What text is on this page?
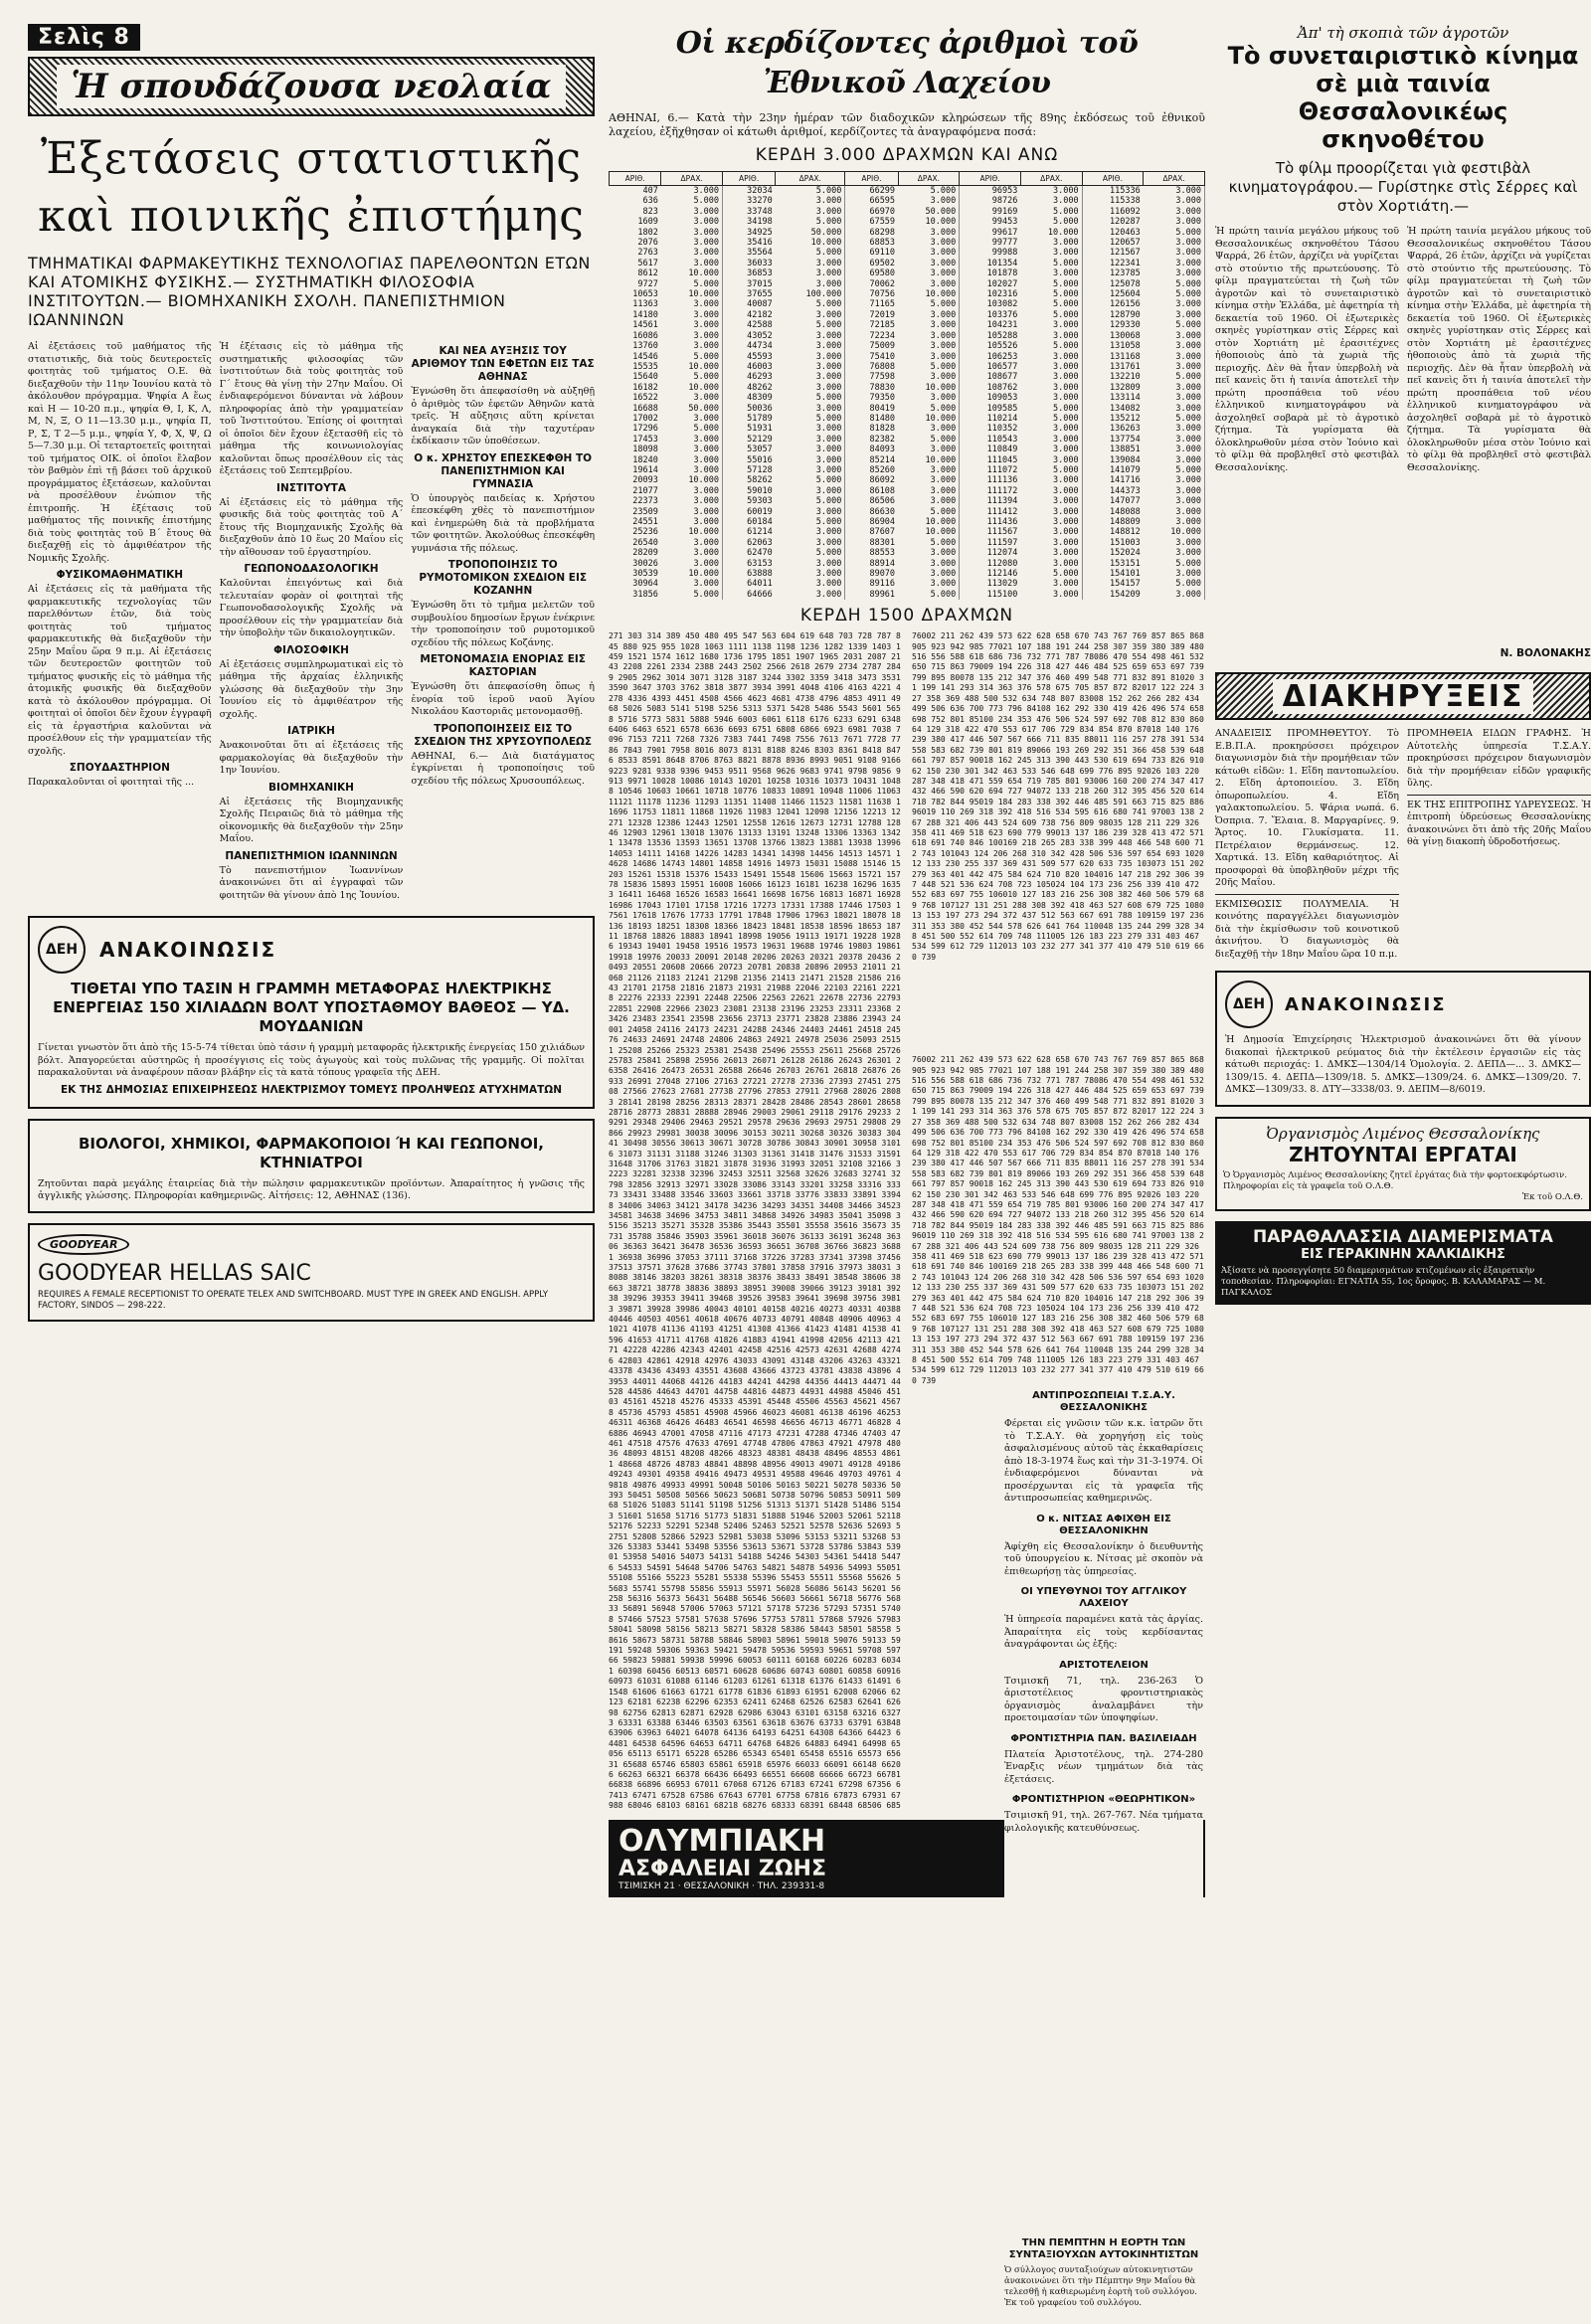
Σελὶς 8
Ἡ σπουδάζουσα νεολαία
Ἐξετάσεις στατιστικῆς
καὶ ποινικῆς ἐπιστήμης
ΤΜΗΜΑΤΙΚΑΙ ΦΑΡΜΑΚΕΥΤΙΚΗΣ ΤΕΧΝΟΛΟΓΙΑΣ ΠΑΡΕΛΘΟΝΤΩΝ ΕΤΩΝ ΚΑΙ ΑΤΟΜΙΚΗΣ ΦΥΣΙΚΗΣ.— ΣΥΣΤΗΜΑΤΙΚΗ ΦΙΛΟΣΟΦΙΑ ΙΝΣΤΙΤΟΥΤΩΝ.— ΒΙΟΜΗΧΑΝΙΚΗ ΣΧΟΛΗ. ΠΑΝΕΠΙΣΤΗΜΙΟΝ ΙΩΑΝΝΙΝΩΝ

Αἱ ἐξετάσεις τοῦ μαθήματος τῆς στατιστικῆς, διὰ τοὺς δευτεροετεῖς φοιτητὰς τοῦ τμήματος Ο.Ε. θὰ διεξαχθοῦν τὴν 11ην Ἰουνίου κατὰ τὸ ἀκόλουθον πρόγραμμα. Ψηφία Α ἕως καὶ Η — 10-20 π.μ., ψηφία Θ, Ι, Κ, Λ, Μ, Ν, Ξ, Ο 11—13.30 μ.μ., ψηφία Π, Ρ, Σ, Τ 2—5 μ.μ., ψηφία Υ, Φ, Χ, Ψ, Ω 5—7.30 μ.μ. Οἱ τεταρτοετεῖς φοιτηταὶ τοῦ τμήματος ΟΙΚ. οἱ ὁποῖοι ἔλαβον τὸν βαθμὸν ἐπὶ τῇ βάσει τοῦ ἀρχικοῦ προγράμματος ἐξετάσεων, καλοῦνται νὰ προσέλθουν ἐνώπιον τῆς ἐπιτροπῆς. Ἡ ἐξέτασις τοῦ μαθήματος τῆς ποινικῆς ἐπιστήμης διὰ τοὺς φοιτητὰς τοῦ Β΄ ἔτους θὰ διεξαχθῇ εἰς τὸ ἀμφιθέατρον τῆς Νομικῆς Σχολῆς.

ΦΥΣΙΚΟΜΑΘΗΜΑΤΙΚΗ

Αἱ ἐξετάσεις εἰς τὰ μαθήματα τῆς φαρμακευτικῆς τεχνολογίας τῶν παρελθόντων ἐτῶν, διὰ τοὺς φοιτητὰς τοῦ τμήματος φαρμακευτικῆς θὰ διεξαχθοῦν τὴν 25ην Μαΐου ὥρα 9 π.μ. Αἱ ἐξετάσεις τῶν δευτεροετῶν φοιτητῶν τοῦ τμήματος φυσικῆς εἰς τὸ μάθημα τῆς ἀτομικῆς φυσικῆς θὰ διεξαχθοῦν κατὰ τὸ ἀκόλουθον πρόγραμμα. Οἱ φοιτηταὶ οἱ ὁποῖοι δὲν ἔχουν ἐγγραφῆ εἰς τὰ ἐργαστήρια καλοῦνται νὰ προσέλθουν εἰς τὴν γραμματείαν τῆς σχολῆς.

ΣΠΟΥΔΑΣΤΗΡΙΟΝ

Παρακαλοῦνται οἱ φοιτηταὶ τῆς ...

Ἡ ἐξέτασις εἰς τὸ μάθημα τῆς συστηματικῆς φιλοσοφίας τῶν ἰνστιτούτων διὰ τοὺς φοιτητὰς τοῦ Γ΄ ἔτους θὰ γίνῃ τὴν 27ην Μαΐου. Οἱ ἐνδιαφερόμενοι δύνανται νὰ λάβουν πληροφορίας ἀπὸ τὴν γραμματείαν τοῦ Ἰνστιτούτου. Ἐπίσης οἱ φοιτηταὶ οἱ ὁποῖοι δὲν ἔχουν ἐξετασθῆ εἰς τὸ μάθημα τῆς κοινωνιολογίας καλοῦνται ὅπως προσέλθουν εἰς τὰς ἐξετάσεις τοῦ Σεπτεμβρίου.

ΙΝΣΤΙΤΟΥΤΑ

Αἱ ἐξετάσεις εἰς τὸ μάθημα τῆς φυσικῆς διὰ τοὺς φοιτητὰς τοῦ Α΄ ἔτους τῆς Βιομηχανικῆς Σχολῆς θὰ διεξαχθοῦν ἀπὸ 10 ἕως 20 Μαΐου εἰς τὴν αἴθουσαν τοῦ ἐργαστηρίου.

ΓΕΩΠΟΝΟΔΑΣΟΛΟΓΙΚΗ

Καλοῦνται ἐπειγόντως καὶ διὰ τελευταίαν φορὰν οἱ φοιτηταὶ τῆς Γεωπονοδασολογικῆς Σχολῆς νὰ προσέλθουν εἰς τὴν γραμματείαν διὰ τὴν ὑποβολὴν τῶν δικαιολογητικῶν.

ΦΙΛΟΣΟΦΙΚΗ

Αἱ ἐξετάσεις συμπληρωματικαὶ εἰς τὸ μάθημα τῆς ἀρχαίας ἑλληνικῆς γλώσσης θὰ διεξαχθοῦν τὴν 3ην Ἰουνίου εἰς τὸ ἀμφιθέατρον τῆς σχολῆς.

ΙΑΤΡΙΚΗ

Ἀνακοινοῦται ὅτι αἱ ἐξετάσεις τῆς φαρμακολογίας θὰ διεξαχθοῦν τὴν 1ην Ἰουνίου.

ΒΙΟΜΗΧΑΝΙΚΗ

Αἱ ἐξετάσεις τῆς Βιομηχανικῆς Σχολῆς Πειραιῶς διὰ τὸ μάθημα τῆς οἰκονομικῆς θὰ διεξαχθοῦν τὴν 25ην Μαΐου.

ΠΑΝΕΠΙΣΤΗΜΙΟΝ ΙΩΑΝΝΙΝΩΝ

Τὸ πανεπιστήμιον Ἰωαννίνων ἀνακοινώνει ὅτι αἱ ἐγγραφαὶ τῶν φοιτητῶν θὰ γίνουν ἀπὸ 1ης Ἰουνίου.

ΚΑΙ ΝΕΑ ΑΥΞΗΣΙΣ ΤΟΥ ΑΡΙΘΜΟΥ ΤΩΝ ΕΦΕΤΩΝ ΕΙΣ ΤΑΣ ΑΘΗΝΑΣ

Ἐγνώσθη ὅτι ἀπεφασίσθη νὰ αὐξηθῇ ὁ ἀριθμὸς τῶν ἐφετῶν Ἀθηνῶν κατὰ τρεῖς. Ἡ αὔξησις αὕτη κρίνεται ἀναγκαία διὰ τὴν ταχυτέραν ἐκδίκασιν τῶν ὑποθέσεων.

Ο κ. ΧΡΗΣΤΟΥ ΕΠΕΣΚΕΦΘΗ ΤΟ ΠΑΝΕΠΙΣΤΗΜΙΟΝ ΚΑΙ ΓΥΜΝΑΣΙΑ

Ὁ ὑπουργὸς παιδείας κ. Χρήστου ἐπεσκέφθη χθὲς τὸ πανεπιστήμιον καὶ ἐνημερώθη διὰ τὰ προβλήματα τῶν φοιτητῶν. Ἀκολούθως ἐπεσκέφθη γυμνάσια τῆς πόλεως.

ΤΡΟΠΟΠΟΙΗΣΙΣ ΤΟ ΡΥΜΟΤΟΜΙΚΟΝ ΣΧΕΔΙΟΝ ΕΙΣ ΚΟΖΑΝΗΝ

Ἐγνώσθη ὅτι τὸ τμῆμα μελετῶν τοῦ συμβουλίου δημοσίων ἔργων ἐνέκρινε τὴν τροποποίησιν τοῦ ρυμοτομικοῦ σχεδίου τῆς πόλεως Κοζάνης.

ΜΕΤΟΝΟΜΑΣΙΑ ΕΝΟΡΙΑΣ ΕΙΣ ΚΑΣΤΟΡΙΑΝ

Ἐγνώσθη ὅτι ἀπεφασίσθη ὅπως ἡ ἐνορία τοῦ ἱεροῦ ναοῦ Ἁγίου Νικολάου Καστοριᾶς μετονομασθῇ.

ΤΡΟΠΟΠΟΙΗΣΕΙΣ ΕΙΣ ΤΟ ΣΧΕΔΙΟΝ ΤΗΣ ΧΡΥΣΟΥΠΟΛΕΩΣ

ΑΘΗΝΑΙ, 6.— Διὰ διατάγματος ἐγκρίνεται ἡ τροποποίησις τοῦ σχεδίου τῆς πόλεως Χρυσουπόλεως.

ΔΕΗ	ΑΝΑΚΟΙΝΩΣΙΣ
ΤΙΘΕΤΑΙ ΥΠΟ ΤΑΣΙΝ Η ΓΡΑΜΜΗ ΜΕΤΑΦΟΡΑΣ ΗΛΕΚΤΡΙΚΗΣ ΕΝΕΡΓΕΙΑΣ 150 ΧΙΛΙΑΔΩΝ ΒΟΛΤ ΥΠΟΣΤΑΘΜΟΥ ΒΑΘΕΟΣ — ΥΔ. ΜΟΥΔΑΝΙΩΝ

Γίνεται γνωστὸν ὅτι ἀπὸ τῆς 15-5-74 τίθεται ὑπὸ τάσιν ἡ γραμμὴ μεταφορᾶς ἠλεκτρικῆς ἐνεργείας 150 χιλιάδων βόλτ. Ἀπαγορεύεται αὐστηρῶς ἡ προσέγγισις εἰς τοὺς ἀγωγοὺς καὶ τοὺς πυλῶνας τῆς γραμμῆς. Οἱ πολῖται παρακαλοῦνται νὰ ἀναφέρουν πᾶσαν βλάβην εἰς τὰ κατὰ τόπους γραφεῖα τῆς ΔΕΗ.

ΕΚ ΤΗΣ ΔΗΜΟΣΙΑΣ ΕΠΙΧΕΙΡΗΣΕΩΣ ΗΛΕΚΤΡΙΣΜΟΥ ΤΟΜΕΥΣ ΠΡΟΛΗΨΕΩΣ ΑΤΥΧΗΜΑΤΩΝ
ΒΙΟΛΟΓΟΙ, ΧΗΜΙΚΟΙ, ΦΑΡΜΑΚΟΠΟΙΟΙ Ή ΚΑΙ ΓΕΩΠΟΝΟΙ, ΚΤΗΝΙΑΤΡΟΙ

Ζητοῦνται παρὰ μεγάλης ἐταιρείας διὰ τὴν πώλησιν φαρμακευτικῶν προϊόντων. Ἀπαραίτητος ἡ γνῶσις τῆς ἀγγλικῆς γλώσσης. Πληροφορίαι καθημερινῶς. Αἰτήσεις: 12, ΑΘΗΝΑΣ (136).

GOODYEAR
GOODYEAR HELLAS SAIC

REQUIRES A FEMALE RECEPTIONIST TO OPERATE TELEX AND SWITCHBOARD. MUST TYPE IN GREEK AND ENGLISH. APPLY FACTORY, SINDOS — 298-222.

Οἱ κερδίζοντες ἀριθμοὶ τοῦ Ἐθνικοῦ Λαχείου

ΑΘΗΝΑΙ, 6.— Κατὰ τὴν 23ην ἡμέραν τῶν διαδοχικῶν κληρώσεων τῆς 89ης ἐκδόσεως τοῦ ἐθνικοῦ λαχείου, ἐξῆχθησαν οἱ κάτωθι ἀριθμοί, κερδίζοντες τὰ ἀναγραφόμενα ποσά:

ΚΕΡΔΗ 3.000 ΔΡΑΧΜΩΝ ΚΑΙ ΑΝΩ
ΑΡΙΘ.	ΔΡΑΧ.	ΑΡΙΘ.	ΔΡΑΧ.	ΑΡΙΘ.	ΔΡΑΧ.	ΑΡΙΘ.	ΔΡΑΧ.	ΑΡΙΘ.	ΔΡΑΧ.
407	3.000	32034	5.000	66299	5.000	96953	3.000	115336	3.000
636	5.000	33270	3.000	66595	3.000	98726	3.000	115338	3.000
823	3.000	33748	3.000	66970	50.000	99169	5.000	116092	3.000
1609	3.000	34198	5.000	67559	10.000	99453	5.000	120287	3.000
1802	3.000	34925	50.000	68298	3.000	99617	10.000	120463	5.000
2076	3.000	35416	10.000	68853	3.000	99777	3.000	120657	3.000
2763	3.000	35564	5.000	69110	3.000	99988	3.000	121567	3.000
5617	3.000	36033	3.000	69502	3.000	101354	5.000	122341	3.000
8612	10.000	36853	3.000	69580	3.000	101878	3.000	123785	3.000
9727	5.000	37015	3.000	70062	3.000	102027	5.000	125078	5.000
10653	10.000	37655	100.000	70756	10.000	102316	5.000	125604	5.000
11363	3.000	40087	5.000	71165	5.000	103082	5.000	126156	3.000
14180	3.000	42182	3.000	72019	3.000	103376	5.000	128790	3.000
14561	3.000	42588	5.000	72185	3.000	104231	3.000	129330	5.000
16086	3.000	43052	3.000	72234	3.000	105288	3.000	130068	3.000
13760	3.000	44734	3.000	75009	3.000	105526	5.000	131058	3.000
14546	5.000	45593	3.000	75410	3.000	106253	3.000	131168	3.000
15535	10.000	46003	3.000	76808	5.000	106577	3.000	131761	3.000
15640	5.000	46293	3.000	77598	3.000	108677	3.000	132210	5.000
16182	10.000	48262	3.000	78830	10.000	108762	3.000	132809	3.000
16522	3.000	48309	5.000	79350	3.000	109053	3.000	133114	3.000
16688	50.000	50036	3.000	80419	5.000	109585	5.000	134082	3.000
17002	3.000	51789	5.000	81480	10.000	110214	5.000	135212	5.000
17296	5.000	51931	3.000	81828	3.000	110352	3.000	136263	3.000
17453	3.000	52129	3.000	82382	5.000	110543	3.000	137754	3.000
18098	3.000	53057	3.000	84093	3.000	110849	3.000	138851	3.000
18240	3.000	55016	3.000	85214	10.000	111045	3.000	139084	3.000
19614	3.000	57128	3.000	85260	3.000	111072	5.000	141079	5.000
20093	10.000	58262	5.000	86092	3.000	111136	3.000	141716	3.000
21077	3.000	59010	3.000	86108	3.000	111172	3.000	144373	3.000
22373	3.000	59303	5.000	86506	3.000	111394	3.000	147077	3.000
23509	3.000	60019	3.000	86630	5.000	111412	3.000	148088	3.000
24551	3.000	60184	5.000	86904	10.000	111436	3.000	148809	3.000
25236	10.000	61214	3.000	87607	10.000	111567	3.000	148812	10.000
26540	3.000	62063	3.000	88301	5.000	111597	3.000	151003	3.000
28209	3.000	62470	5.000	88553	3.000	112074	3.000	152024	3.000
30026	3.000	63153	3.000	88914	3.000	112080	3.000	153151	5.000
30539	10.000	63888	3.000	89070	3.000	112146	5.000	154101	3.000
30964	3.000	64011	3.000	89116	3.000	113029	3.000	154157	5.000
31856	5.000	64666	3.000	89961	5.000	115100	3.000	154209	3.000
ΚΕΡΔΗ 1500 ΔΡΑΧΜΩΝ
271 303 314 389 450 480 495 547 563 604 619 648 703 728 787 845 880 925 955 1028 1063 1111 1138 1198 1236 1282 1339 1403 1459 1521 1574 1612 1680 1736 1795 1851 1907 1965 2031 2087 2143 2208 2261 2334 2388 2443 2502 2566 2618 2679 2734 2787 2849 2905 2962 3014 3071 3128 3187 3244 3302 3359 3418 3473 3531 3590 3647 3703 3762 3818 3877 3934 3991 4048 4106 4163 4221 4278 4336 4393 4451 4508 4566 4623 4681 4738 4796 4853 4911 4968 5026 5083 5141 5198 5256 5313 5371 5428 5486 5543 5601 5658 5716 5773 5831 5888 5946 6003 6061 6118 6176 6233 6291 6348 6406 6463 6521 6578 6636 6693 6751 6808 6866 6923 6981 7038 7096 7153 7211 7268 7326 7383 7441 7498 7556 7613 7671 7728 7786 7843 7901 7958 8016 8073 8131 8188 8246 8303 8361 8418 8476 8533 8591 8648 8706 8763 8821 8878 8936 8993 9051 9108 9166 9223 9281 9338 9396 9453 9511 9568 9626 9683 9741 9798 9856 9913 9971 10028 10086 10143 10201 10258 10316 10373 10431 10488 10546 10603 10661 10718 10776 10833 10891 10948 11006 11063 11121 11178 11236 11293 11351 11408 11466 11523 11581 11638 11696 11753 11811 11868 11926 11983 12041 12098 12156 12213 12271 12328 12386 12443 12501 12558 12616 12673 12731 12788 12846 12903 12961 13018 13076 13133 13191 13248 13306 13363 13421 13478 13536 13593 13651 13708 13766 13823 13881 13938 13996 14053 14111 14168 14226 14283 14341 14398 14456 14513 14571 14628 14686 14743 14801 14858 14916 14973 15031 15088 15146 15203 15261 15318 15376 15433 15491 15548 15606 15663 15721 15778 15836 15893 15951 16008 16066 16123 16181 16238 16296 16353 16411 16468 16526 16583 16641 16698 16756 16813 16871 16928 16986 17043 17101 17158 17216 17273 17331 17388 17446 17503 17561 17618 17676 17733 17791 17848 17906 17963 18021 18078 18136 18193 18251 18308 18366 18423 18481 18538 18596 18653 18711 18768 18826 18883 18941 18998 19056 19113 19171 19228 19286 19343 19401 19458 19516 19573 19631 19688 19746 19803 19861 19918 19976 20033 20091 20148 20206 20263 20321 20378 20436 20493 20551 20608 20666 20723 20781 20838 20896 20953 21011 21068 21126 21183 21241 21298 21356 21413 21471 21528 21586 21643 21701 21758 21816 21873 21931 21988 22046 22103 22161 22218 22276 22333 22391 22448 22506 22563 22621 22678 22736 22793 22851 22908 22966 23023 23081 23138 23196 23253 23311 23368 23426 23483 23541 23598 23656 23713 23771 23828 23886 23943 24001 24058 24116 24173 24231 24288 24346 24403 24461 24518 24576 24633 24691 24748 24806 24863 24921 24978 25036 25093 25151 25208 25266 25323 25381 25438 25496 25553 25611 25668 25726 25783 25841 25898 25956 26013 26071 26128 26186 26243 26301 26358 26416 26473 26531 26588 26646 26703 26761 26818 26876 26933 26991 27048 27106 27163 27221 27278 27336 27393 27451 27508 27566 27623 27681 27738 27796 27853 27911 27968 28026 28083 28141 28198 28256 28313 28371 28428 28486 28543 28601 28658 28716 28773 28831 28888 28946 29003 29061 29118 29176 29233 29291 29348 29406 29463 29521 29578 29636 29693 29751 29808 29866 29923 29981 30038 30096 30153 30211 30268 30326 30383 30441 30498 30556 30613 30671 30728 30786 30843 30901 30958 31016 31073 31131 31188 31246 31303 31361 31418 31476 31533 31591 31648 31706 31763 31821 31878 31936 31993 32051 32108 32166 32223 32281 32338 32396 32453 32511 32568 32626 32683 32741 32798 32856 32913 32971 33028 33086 33143 33201 33258 33316 33373 33431 33488 33546 33603 33661 33718 33776 33833 33891 33948 34006 34063 34121 34178 34236 34293 34351 34408 34466 34523 34581 34638 34696 34753 34811 34868 34926 34983 35041 35098 35156 35213 35271 35328 35386 35443 35501 35558 35616 35673 35731 35788 35846 35903 35961 36018 36076 36133 36191 36248 36306 36363 36421 36478 36536 36593 36651 36708 36766 36823 36881 36938 36996 37053 37111 37168 37226 37283 37341 37398 37456 37513 37571 37628 37686 37743 37801 37858 37916 37973 38031 38088 38146 38203 38261 38318 38376 38433 38491 38548 38606 38663 38721 38778 38836 38893 38951 39008 39066 39123 39181 39238 39296 39353 39411 39468 39526 39583 39641 39698 39756 39813 39871 39928 39986 40043 40101 40158 40216 40273 40331 40388 40446 40503 40561 40618 40676 40733 40791 40848 40906 40963 41021 41078 41136 41193 41251 41308 41366 41423 41481 41538 41596 41653 41711 41768 41826 41883 41941 41998 42056 42113 42171 42228 42286 42343 42401 42458 42516 42573 42631 42688 42746 42803 42861 42918 42976 43033 43091 43148 43206 43263 43321 43378 43436 43493 43551 43608 43666 43723 43781 43838 43896 43953 44011 44068 44126 44183 44241 44298 44356 44413 44471 44528 44586 44643 44701 44758 44816 44873 44931 44988 45046 45103 45161 45218 45276 45333 45391 45448 45506 45563 45621 45678 45736 45793 45851 45908 45966 46023 46081 46138 46196 46253 46311 46368 46426 46483 46541 46598 46656 46713 46771 46828 46886 46943 47001 47058 47116 47173 47231 47288 47346 47403 47461 47518 47576 47633 47691 47748 47806 47863 47921 47978 48036 48093 48151 48208 48266 48323 48381 48438 48496 48553 48611 48668 48726 48783 48841 48898 48956 49013 49071 49128 49186 49243 49301 49358 49416 49473 49531 49588 49646 49703 49761 49818 49876 49933 49991 50048 50106 50163 50221 50278 50336 50393 50451 50508 50566 50623 50681 50738 50796 50853 50911 50968 51026 51083 51141 51198 51256 51313 51371 51428 51486 51543 51601 51658 51716 51773 51831 51888 51946 52003 52061 52118 52176 52233 52291 52348 52406 52463 52521 52578 52636 52693 52751 52808 52866 52923 52981 53038 53096 53153 53211 53268 53326 53383 53441 53498 53556 53613 53671 53728 53786 53843 53901 53958 54016 54073 54131 54188 54246 54303 54361 54418 54476 54533 54591 54648 54706 54763 54821 54878 54936 54993 55051 55108 55166 55223 55281 55338 55396 55453 55511 55568 55626 55683 55741 55798 55856 55913 55971 56028 56086 56143 56201 56258 56316 56373 56431 56488 56546 56603 56661 56718 56776 56833 56891 56948 57006 57063 57121 57178 57236 57293 57351 57408 57466 57523 57581 57638 57696 57753 57811 57868 57926 57983 58041 58098 58156 58213 58271 58328 58386 58443 58501 58558 58616 58673 58731 58788 58846 58903 58961 59018 59076 59133 59191 59248 59306 59363 59421 59478 59536 59593 59651 59708 59766 59823 59881 59938 59996 60053 60111 60168 60226 60283 60341 60398 60456 60513 60571 60628 60686 60743 60801 60858 60916 60973 61031 61088 61146 61203 61261 61318 61376 61433 61491 61548 61606 61663 61721 61778 61836 61893 61951 62008 62066 62123 62181 62238 62296 62353 62411 62468 62526 62583 62641 62698 62756 62813 62871 62928 62986 63043 63101 63158 63216 63273 63331 63388 63446 63503 63561 63618 63676 63733 63791 63848 63906 63963 64021 64078 64136 64193 64251 64308 64366 64423 64481 64538 64596 64653 64711 64768 64826 64883 64941 64998 65056 65113 65171 65228 65286 65343 65401 65458 65516 65573 65631 65688 65746 65803 65861 65918 65976 66033 66091 66148 66206 66263 66321 66378 66436 66493 66551 66608 66666 66723 66781 66838 66896 66953 67011 67068 67126 67183 67241 67298 67356 67413 67471 67528 67586 67643 67701 67758 67816 67873 67931 67988 68046 68103 68161 68218 68276 68333 68391 68448 68506 685
76002 211 262 439 573 622 628 658 670 743 767 769 857 865 868 905 923 942 985 77021 107 188 191 244 258 307 359 380 389 480 516 556 588 618 686 736 732 771 787 78086 470 554 498 461 532 650 715 863 79009 194 226 318 427 446 484 525 659 653 697 739 799 895 80078 135 212 347 376 460 499 548 771 832 891 81020 31 199 141 293 314 363 376 578 675 705 857 872 82017 122 224 327 358 369 488 500 532 634 748 807 83008 152 262 266 282 434 499 506 636 700 773 796 84108 162 292 330 419 426 496 574 658 698 752 801 85100 234 353 476 506 524 597 692 708 812 830 86064 129 318 422 470 553 617 706 729 834 854 870 87018 140 176 239 380 417 446 507 567 666 711 835 88011 116 257 278 391 534 558 583 682 739 801 819 89066 193 269 292 351 366 458 539 648 661 797 857 90018 162 245 313 390 443 530 619 694 733 826 91062 150 230 301 342 463 533 546 648 699 776 895 92026 103 220 287 348 418 471 559 654 719 785 801 93006 160 200 274 347 417 432 466 590 620 694 727 94072 133 218 260 312 395 456 520 614 718 782 844 95019 184 283 338 392 446 485 591 663 715 825 886 96019 110 269 318 392 418 516 534 595 616 680 741 97003 138 267 288 321 406 443 524 609 738 756 809 98035 128 211 229 326 358 411 469 518 623 690 779 99013 137 186 239 328 413 472 571 618 691 740 846 100169 218 265 283 338 399 448 466 548 600 712 743 101043 124 206 268 310 342 428 506 536 597 654 693 102012 133 230 255 337 369 431 509 577 620 633 735 103073 151 202 279 363 401 442 475 584 624 710 820 104016 147 218 292 306 397 448 521 536 624 708 723 105024 104 173 236 256 339 410 472 552 683 697 755 106010 127 183 216 256 308 382 460 506 579 689 768 107127 131 251 288 308 392 418 463 527 608 679 725 108013 153 197 273 294 372 437 512 563 667 691 788 109159 197 236 311 353 380 452 544 578 626 641 764 110048 135 244 299 328 348 451 500 552 614 709 748 111005 126 183 223 279 331 403 467 534 599 612 729 112013 103 232 277 341 377 410 479 510 619 660 739
76002 211 262 439 573 622 628 658 670 743 767 769 857 865 868 905 923 942 985 77021 107 188 191 244 258 307 359 380 389 480 516 556 588 618 686 736 732 771 787 78086 470 554 498 461 532 650 715 863 79009 194 226 318 427 446 484 525 659 653 697 739 799 895 80078 135 212 347 376 460 499 548 771 832 891 81020 31 199 141 293 314 363 376 578 675 705 857 872 82017 122 224 327 358 369 488 500 532 634 748 807 83008 152 262 266 282 434 499 506 636 700 773 796 84108 162 292 330 419 426 496 574 658 698 752 801 85100 234 353 476 506 524 597 692 708 812 830 86064 129 318 422 470 553 617 706 729 834 854 870 87018 140 176 239 380 417 446 507 567 666 711 835 88011 116 257 278 391 534 558 583 682 739 801 819 89066 193 269 292 351 366 458 539 648 661 797 857 90018 162 245 313 390 443 530 619 694 733 826 91062 150 230 301 342 463 533 546 648 699 776 895 92026 103 220 287 348 418 471 559 654 719 785 801 93006 160 200 274 347 417 432 466 590 620 694 727 94072 133 218 260 312 395 456 520 614 718 782 844 95019 184 283 338 392 446 485 591 663 715 825 886 96019 110 269 318 392 418 516 534 595 616 680 741 97003 138 267 288 321 406 443 524 609 738 756 809 98035 128 211 229 326 358 411 469 518 623 690 779 99013 137 186 239 328 413 472 571 618 691 740 846 100169 218 265 283 338 399 448 466 548 600 712 743 101043 124 206 268 310 342 428 506 536 597 654 693 102012 133 230 255 337 369 431 509 577 620 633 735 103073 151 202 279 363 401 442 475 584 624 710 820 104016 147 218 292 306 397 448 521 536 624 708 723 105024 104 173 236 256 339 410 472 552 683 697 755 106010 127 183 216 256 308 382 460 506 579 689 768 107127 131 251 288 308 392 418 463 527 608 679 725 108013 153 197 273 294 372 437 512 563 667 691 788 109159 197 236 311 353 380 452 544 578 626 641 764 110048 135 244 299 328 348 451 500 552 614 709 748 111005 126 183 223 279 331 403 467 534 599 612 729 112013 103 232 277 341 377 410 479 510 619 660 739
ΟΛΥΜΠΙΑΚΗ
ΑΣΦΑΛΕΙΑΙ ΖΩΗΣ
ΤΣΙΜΙΣΚΗ 21 · ΘΕΣΣΑΛΟΝΙΚΗ · ΤΗΛ. 239331-8
ΑΝΤΙΠΡΟΣΩΠΕΙΑΙ Τ.Σ.Α.Υ. ΘΕΣΣΑΛΟΝΙΚΗΣ

Φέρεται εἰς γνῶσιν τῶν κ.κ. ἰατρῶν ὅτι τὸ Τ.Σ.Α.Υ. θὰ χορηγήσῃ εἰς τοὺς ἀσφαλισμένους αὐτοῦ τὰς ἐκκαθαρίσεις ἀπὸ 18-3-1974 ἕως καὶ τὴν 31-3-1974. Οἱ ἐνδιαφερόμενοι δύνανται νὰ προσέρχωνται εἰς τὰ γραφεῖα τῆς ἀντιπροσωπείας καθημερινῶς.

Ο κ. ΝΙΤΣΑΣ ΑΦΙΧΘΗ ΕΙΣ ΘΕΣΣΑΛΟΝΙΚΗΝ

Ἀφίχθη εἰς Θεσσαλονίκην ὁ διευθυντὴς τοῦ ὑπουργείου κ. Νίτσας μὲ σκοπὸν νὰ ἐπιθεωρήσῃ τὰς ὑπηρεσίας.

ΟΙ ΥΠΕΥΘΥΝΟΙ ΤΟΥ ΑΓΓΛΙΚΟΥ ΛΑΧΕΙΟΥ

Ἡ ὑπηρεσία παραμένει κατὰ τὰς ἀργίας. Ἀπαραίτητα εἰς τοὺς κερδίσαντας ἀναγράφονται ὡς ἑξῆς:

ΑΡΙΣΤΟΤΕΛΕΙΟΝ

Τσιμισκῆ 71, τηλ. 236-263 Ὁ ἀριστοτέλειος φροντιστηριακὸς ὀργανισμὸς ἀναλαμβάνει τὴν προετοιμασίαν τῶν ὑποψηφίων.

ΦΡΟΝΤΙΣΤΗΡΙΑ ΠΑΝ. ΒΑΣΙΛΕΙΑΔΗ

Πλατεία Ἀριστοτέλους, τηλ. 274-280 Ἐναρξις νέων τμημάτων διὰ τὰς ἐξετάσεις.

ΦΡΟΝΤΙΣΤΗΡΙΟΝ «ΘΕΩΡΗΤΙΚΟΝ»

Τσιμισκῆ 91, τηλ. 267-767. Νέα τμήματα φιλολογικῆς κατευθύνσεως.

ΤΗΝ ΠΕΜΠΤΗΝ Η ΕΟΡΤΗ ΤΩΝ ΣΥΝΤΑΞΙΟΥΧΩΝ ΑΥΤΟΚΙΝΗΤΙΣΤΩΝ

Ὁ σύλλογος συνταξιούχων αὐτοκινητιστῶν ἀνακοινώνει ὅτι τὴν Πέμπτην 9ην Μαΐου θὰ τελεσθῇ ἡ καθιερωμένη ἑορτὴ τοῦ συλλόγου. Ἐκ τοῦ γραφείου τοῦ συλλόγου.

Ἀπ' τὴ σκοπιὰ τῶν ἀγροτῶν
Τὸ συνεταιριστικὸ κίνημα σὲ μιὰ ταινία Θεσσαλονικέως σκηνοθέτου
Τὸ φίλμ προορίζεται γιὰ φεστιβὰλ κινηματογράφου.— Γυρίστηκε στὶς Σέρρες καὶ στὸν Χορτιάτη.—

Ἡ πρώτη ταινία μεγάλου μήκους τοῦ Θεσσαλονικέως σκηνοθέτου Τάσου Ψαρρά, 26 ἐτῶν, ἀρχίζει νὰ γυρίζεται στὸ στούντιο τῆς πρωτεύουσης. Τὸ φίλμ πραγματεύεται τὴ ζωὴ τῶν ἀγροτῶν καὶ τὸ συνεταιριστικὸ κίνημα στὴν Ἑλλάδα, μὲ ἀφετηρία τὴ δεκαετία τοῦ 1960. Οἱ ἐξωτερικὲς σκηνὲς γυρίστηκαν στὶς Σέρρες καὶ στὸν Χορτιάτη μὲ ἐρασιτέχνες ἠθοποιοὺς ἀπὸ τὰ χωριὰ τῆς περιοχῆς. Δὲν θὰ ἦταν ὑπερβολὴ νὰ πεῖ κανεὶς ὅτι ἡ ταινία ἀποτελεῖ τὴν πρώτη προσπάθεια τοῦ νέου ἑλληνικοῦ κινηματογράφου νὰ ἀσχοληθεῖ σοβαρὰ μὲ τὸ ἀγροτικὸ ζήτημα. Τὰ γυρίσματα θὰ ὁλοκληρωθοῦν μέσα στὸν Ἰούνιο καὶ τὸ φίλμ θὰ προβληθεῖ στὸ φεστιβὰλ Θεσσαλονίκης.

Ἡ πρώτη ταινία μεγάλου μήκους τοῦ Θεσσαλονικέως σκηνοθέτου Τάσου Ψαρρά, 26 ἐτῶν, ἀρχίζει νὰ γυρίζεται στὸ στούντιο τῆς πρωτεύουσης. Τὸ φίλμ πραγματεύεται τὴ ζωὴ τῶν ἀγροτῶν καὶ τὸ συνεταιριστικὸ κίνημα στὴν Ἑλλάδα, μὲ ἀφετηρία τὴ δεκαετία τοῦ 1960. Οἱ ἐξωτερικὲς σκηνὲς γυρίστηκαν στὶς Σέρρες καὶ στὸν Χορτιάτη μὲ ἐρασιτέχνες ἠθοποιοὺς ἀπὸ τὰ χωριὰ τῆς περιοχῆς. Δὲν θὰ ἦταν ὑπερβολὴ νὰ πεῖ κανεὶς ὅτι ἡ ταινία ἀποτελεῖ τὴν πρώτη προσπάθεια τοῦ νέου ἑλληνικοῦ κινηματογράφου νὰ ἀσχοληθεῖ σοβαρὰ μὲ τὸ ἀγροτικὸ ζήτημα. Τὰ γυρίσματα θὰ ὁλοκληρωθοῦν μέσα στὸν Ἰούνιο καὶ τὸ φίλμ θὰ προβληθεῖ στὸ φεστιβὰλ Θεσσαλονίκης.

Ν. ΒΟΛΟΝΑΚΗΣ
ΔΙΑΚΗΡΥΞΕΙΣ

ΑΝΑΔΕΙΞΙΣ ΠΡΟΜΗΘΕΥΤΟΥ. Τὸ Ε.Β.Π.Α. προκηρύσσει πρόχειρον διαγωνισμὸν διὰ τὴν προμήθειαν τῶν κάτωθι εἰδῶν: 1. Εἴδη παντοπωλείου. 2. Εἴδη ἀρτοποιείου. 3. Εἴδη ὀπωροπωλείου. 4. Εἴδη γαλακτοπωλείου. 5. Ψάρια νωπά. 6. Ὀσπρια. 7. Ἔλαια. 8. Μαργαρίνες. 9. Ἄρτος. 10. Γλυκίσματα. 11. Πετρέλαιον θερμάνσεως. 12. Χαρτικά. 13. Εἴδη καθαριότητος. Αἱ προσφοραὶ θὰ ὑποβληθοῦν μέχρι τῆς 20ῆς Μαΐου.

ΕΚΜΙΣΘΩΣΙΣ ΠΟΛΥΜΕΛΙΑ. Ἡ κοινότης παραγγέλλει διαγωνισμὸν διὰ τὴν ἐκμίσθωσιν τοῦ κοινοτικοῦ ἀκινήτου. Ὁ διαγωνισμὸς θὰ διεξαχθῇ τὴν 18ην Μαΐου ὥρα 10 π.μ.

ΠΡΟΜΗΘΕΙΑ ΕΙΔΩΝ ΓΡΑΦΗΣ. Ἡ Αὐτοτελὴς ὑπηρεσία Τ.Σ.Α.Υ. προκηρύσσει πρόχειρον διαγωνισμὸν διὰ τὴν προμήθειαν εἰδῶν γραφικῆς ὕλης.

ΕΚ ΤΗΣ ΕΠΙΤΡΟΠΗΣ ΥΔΡΕΥΣΕΩΣ. Ἡ ἐπιτροπὴ ὑδρεύσεως Θεσσαλονίκης ἀνακοινώνει ὅτι ἀπὸ τῆς 20ῆς Μαΐου θὰ γίνῃ διακοπὴ ὑδροδοτήσεως.

ΔΕΗ	ΑΝΑΚΟΙΝΩΣΙΣ

Ἡ Δημοσία Ἐπιχείρησις Ἠλεκτρισμοῦ ἀνακοινώνει ὅτι θὰ γίνουν διακοπαὶ ἠλεκτρικοῦ ρεύματος διὰ τὴν ἐκτέλεσιν ἐργασιῶν εἰς τὰς κάτωθι περιοχάς: 1. ΔΜΚΣ—1304/14 Ὁμολογία. 2. ΔΕΠΔ—... 3. ΔΜΚΣ—1309/15. 4. ΔΕΠΔ—1309/18. 5. ΔΜΚΣ—1309/24. 6. ΔΜΚΣ—1309/20. 7. ΔΜΚΣ—1309/33. 8. ΔΤΥ—3338/03. 9. ΔΕΠΜ—8/6019.

Ὀργανισμὸς Λιμένος Θεσσαλονίκης
ΖΗΤΟΥΝΤΑΙ ΕΡΓΑΤΑΙ

Ὁ Ὀργανισμὸς Λιμένος Θεσσαλονίκης ζητεῖ ἐργάτας διὰ τὴν φορτοεκφόρτωσιν. Πληροφορίαι εἰς τὰ γραφεῖα τοῦ Ο.Λ.Θ.

Ἐκ τοῦ Ο.Λ.Θ.
ΠΑΡΑΘΑΛΑΣΣΙΑ ΔΙΑΜΕΡΙΣΜΑΤΑ
ΕΙΣ ΓΕΡΑΚΙΝΗΝ ΧΑΛΚΙΔΙΚΗΣ

Ἀξίσατε νὰ προσεγγίσητε 50 διαμερισμάτων κτιζομένων εἰς ἐξαιρετικὴν τοποθεσίαν. Πληροφορίαι: ΕΓΝΑΤΙΑ 55, 1ος ὄροφος. Β. ΚΑΛΑΜΑΡΑΣ — Μ. ΠΑΓΚΑΛΟΣ
